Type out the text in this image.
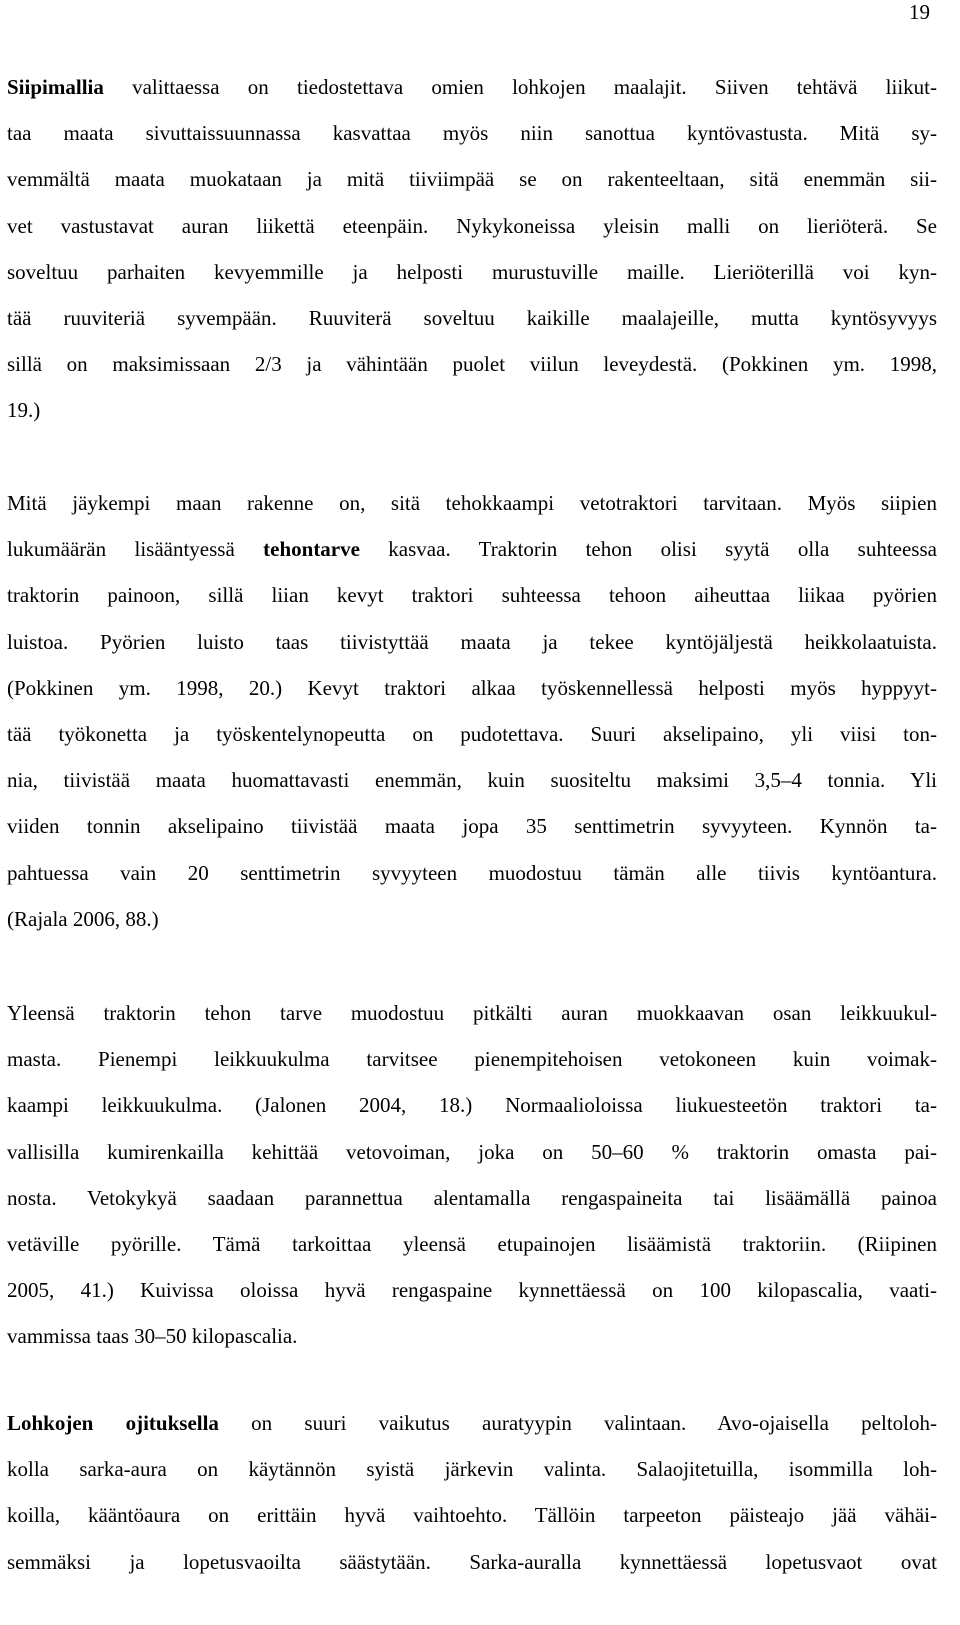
19
Siipimallia valittaessa on tiedostettava omien lohkojen maalajit. Siiven tehtävä liikut-
taa maata sivuttaissuunnassa kasvattaa myös niin sanottua kyntövastusta. Mitä sy-
vemmältä maata muokataan ja mitä tiiviimpää se on rakenteeltaan, sitä enemmän sii-
vet vastustavat auran liikettä eteenpäin. Nykykoneissa yleisin malli on lieriöterä. Se
soveltuu parhaiten kevyemmille ja helposti murustuville maille. Lieriöterillä voi kyn-
tää ruuviteriä syvempään. Ruuviterä soveltuu kaikille maalajeille, mutta kyntösyvyys
sillä on maksimissaan 2/3 ja vähintään puolet viilun leveydestä. (Pokkinen ym. 1998,
19.)
Mitä jäykempi maan rakenne on, sitä tehokkaampi vetotraktori tarvitaan. Myös siipien
lukumäärän lisääntyessä tehontarve kasvaa. Traktorin tehon olisi syytä olla suhteessa
traktorin painoon, sillä liian kevyt traktori suhteessa tehoon aiheuttaa liikaa pyörien
luistoa. Pyörien luisto taas tiivistyttää maata ja tekee kyntöjäljestä heikkolaatuista.
(Pokkinen ym. 1998, 20.) Kevyt traktori alkaa työskennellessä helposti myös hyppyyt-
tää työkonetta ja työskentelynopeutta on pudotettava. Suuri akselipaino, yli viisi ton-
nia, tiivistää maata huomattavasti enemmän, kuin suositeltu maksimi 3,5–4 tonnia. Yli
viiden tonnin akselipaino tiivistää maata jopa 35 senttimetrin syvyyteen. Kynnön ta-
pahtuessa vain 20 senttimetrin syvyyteen muodostuu tämän alle tiivis kyntöantura.
(Rajala 2006, 88.)
Yleensä traktorin tehon tarve muodostuu pitkälti auran muokkaavan osan leikkuukul-
masta. Pienempi leikkuukulma tarvitsee pienempitehoisen vetokoneen kuin voimak-
kaampi leikkuukulma. (Jalonen 2004, 18.) Normaalioloissa liukuesteetön traktori ta-
vallisilla kumirenkailla kehittää vetovoiman, joka on 50–60 % traktorin omasta pai-
nosta. Vetokykyä saadaan parannettua alentamalla rengaspaineita tai lisäämällä painoa
vetäville pyörille. Tämä tarkoittaa yleensä etupainojen lisäämistä traktoriin. (Riipinen
2005, 41.) Kuivissa oloissa hyvä rengaspaine kynnettäessä on 100 kilopascalia, vaati-
vammissa taas 30–50 kilopascalia.
Lohkojen ojituksella on suuri vaikutus auratyypin valintaan. Avo-ojaisella peltoloh-
kolla sarka-aura on käytännön syistä järkevin valinta. Salaojitetuilla, isommilla loh-
koilla, kääntöaura on erittäin hyvä vaihtoehto. Tällöin tarpeeton päisteajo jää vähäi-
semmäksi ja lopetusvaoilta säästytään. Sarka-auralla kynnettäessä lopetusvaot ovat
